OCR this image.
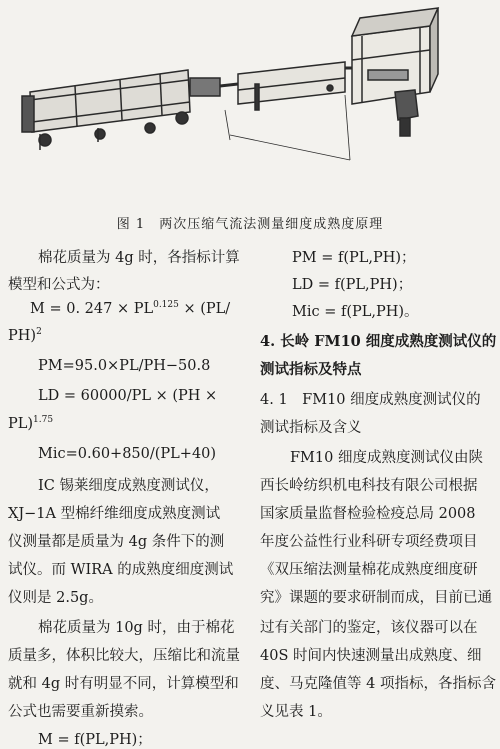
图 1　两次压缩气流法测量细度成熟度原理
棉花质量为 4g 时，各指标计算
模型和公式为：
M = 0. $247 \times PL^{0.125} \times (PL/$
PH)$^2$
PM=95.0×PL/PH−50.8
LD = 60000/PL × (PH ×
PL)$^{1.75}$
Mic=0.60+850/(PL+40)
ⅠC 锡莱细度成熟度测试仪，
XJ−1A 型棉纤维细度成熟度测试
仪测量都是质量为 4g 条件下的测
试仪。而 WIRA 的成熟度细度测试
仪则是 2.5g。
棉花质量为 10g 时，由于棉花
质量多，体积比较大，压缩比和流量
就和 4g 时有明显不同，计算模型和
公式也需要重新摸索。
M = f(PL,PH)；
PM = f(PL,PH)；
LD = f(PL,PH)；
Mic = f(PL,PH)。
4. 长岭 FM10 细度成熟度测试仪的
测试指标及特点
4. 1　FM10 细度成熟度测试仪的
测试指标及含义
FM10 细度成熟度测试仪由陕
西长岭纺织机电科技有限公司根据
国家质量监督检验检疫总局 2008
年度公益性行业科研专项经费项目
《双压缩法测量棉花成熟度细度研
究》课题的要求研制而成，目前已通
过有关部门的鉴定，该仪器可以在
40S 时间内快速测量出成熟度、细
度、马克隆值等 4 项指标，各指标含
义见表 1。
